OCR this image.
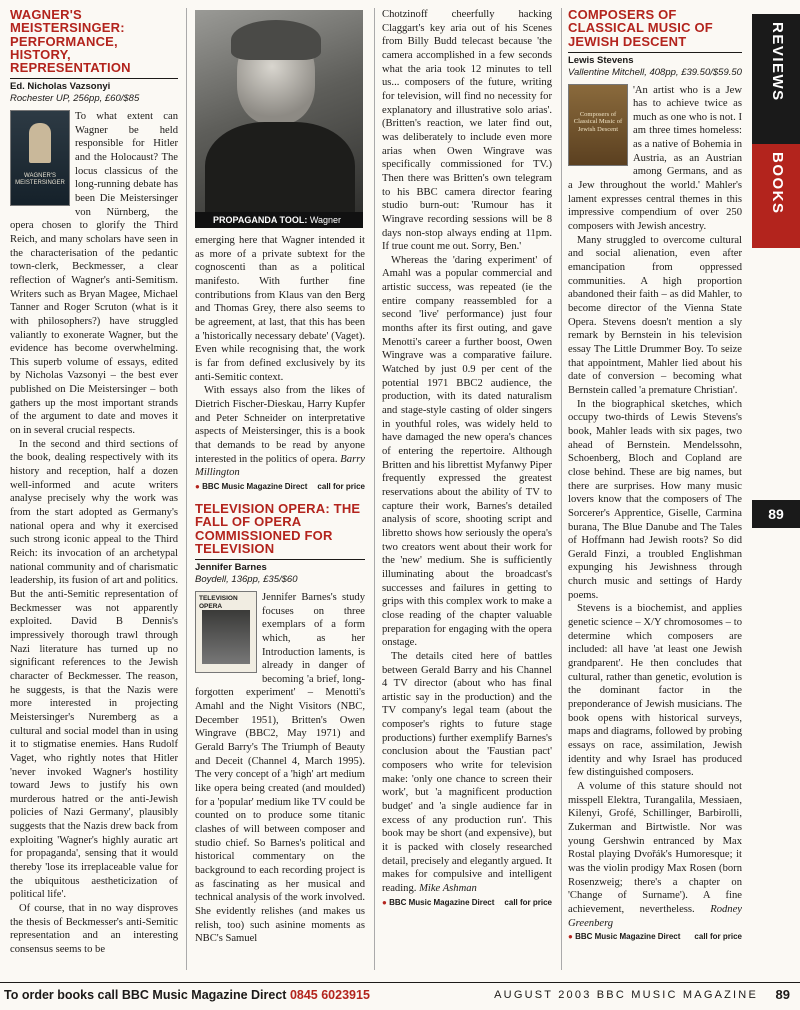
WAGNER'S MEISTERSINGER: PERFORMANCE, HISTORY, REPRESENTATION
Ed. Nicholas Vazsonyi
Rochester UP, 256pp, £60/$85
WAGNER'S MEISTERSINGER

To what extent can Wagner be held responsible for Hitler and the Holocaust? The locus classicus of the long-running debate has been Die Meistersinger von Nürnberg, the opera chosen to glorify the Third Reich, and many scholars have seen in the characterisation of the pedantic town-clerk, Beckmesser, a clear reflection of Wagner's anti-Semitism. Writers such as Bryan Magee, Michael Tanner and Roger Scruton (what is it with philosophers?) have struggled valiantly to exonerate Wagner, but the evidence has become overwhelming. This superb volume of essays, edited by Nicholas Vazsonyi – the best ever published on Die Meistersinger – both gathers up the most important strands of the argument to date and moves it on in several crucial respects.

In the second and third sections of the book, dealing respectively with its history and reception, half a dozen well-informed and acute writers analyse precisely why the work was from the start adopted as Germany's national opera and why it exercised such strong iconic appeal to the Third Reich: its invocation of an archetypal national community and of charismatic leadership, its fusion of art and politics. But the anti-Semitic representation of Beckmesser was not apparently exploited. David B Dennis's impressively thorough trawl through Nazi literature has turned up no significant references to the Jewish character of Beckmesser. The reason, he suggests, is that the Nazis were more interested in projecting Meistersinger's Nuremberg as a cultural and social model than in using it to stigmatise enemies. Hans Rudolf Vaget, who rightly notes that Hitler 'never invoked Wagner's hostility toward Jews to justify his own murderous hatred or the anti-Jewish policies of Nazi Germany', plausibly suggests that the Nazis drew back from exploiting 'Wagner's highly auratic art for propaganda', sensing that it would thereby 'lose its irreplaceable value for the ubiquitous aestheticization of political life'.

Of course, that in no way disproves the thesis of Beckmesser's anti-Semitic representation and an interesting consensus seems to be

PROPAGANDA TOOL: Wagner

emerging here that Wagner intended it as more of a private subtext for the cognoscenti than as a political manifesto. With further fine contributions from Klaus van den Berg and Thomas Grey, there also seems to be agreement, at last, that this has been a 'historically necessary debate' (Vaget). Even while recognising that, the work is far from defined exclusively by its anti-Semitic context.

With essays also from the likes of Dietrich Fischer-Dieskau, Harry Kupfer and Peter Schneider on interpretative aspects of Meistersinger, this is a book that demands to be read by anyone interested in the politics of opera. Barry Millington

● BBC Music Magazine Direct call for price
TELEVISION OPERA: THE FALL OF OPERA COMMISSIONED FOR TELEVISION
Jennifer Barnes
Boydell, 136pp, £35/$60
TELEVISION OPERA

Jennifer Barnes's study focuses on three exemplars of a form which, as her Introduction laments, is already in danger of becoming 'a brief, long-forgotten experiment' – Menotti's Amahl and the Night Visitors (NBC, December 1951), Britten's Owen Wingrave (BBC2, May 1971) and Gerald Barry's The Triumph of Beauty and Deceit (Channel 4, March 1995). The very concept of a 'high' art medium like opera being created (and moulded) for a 'popular' medium like TV could be counted on to produce some titanic clashes of will between composer and studio chief. So Barnes's political and historical commentary on the background to each recording project is as fascinating as her musical and technical analysis of the work involved. She evidently relishes (and makes us relish, too) such asinine moments as NBC's Samuel

Chotzinoff cheerfully hacking Claggart's key aria out of his Scenes from Billy Budd telecast because 'the camera accomplished in a few seconds what the aria took 12 minutes to tell us... composers of the future, writing for television, will find no necessity for explanatory and illustrative solo arias'. (Britten's reaction, we later find out, was deliberately to include even more arias when Owen Wingrave was specifically commissioned for TV.) Then there was Britten's own telegram to his BBC camera director fearing studio burn-out: 'Rumour has it Wingrave recording sessions will be 8 days non-stop always ending at 11pm. If true count me out. Sorry, Ben.'

Whereas the 'daring experiment' of Amahl was a popular commercial and artistic success, was repeated (ie the entire company reassembled for a second 'live' performance) just four months after its first outing, and gave Menotti's career a further boost, Owen Wingrave was a comparative failure. Watched by just 0.9 per cent of the potential 1971 BBC2 audience, the production, with its dated naturalism and stage-style casting of older singers in youthful roles, was widely held to have damaged the new opera's chances of entering the repertoire. Although Britten and his librettist Myfanwy Piper frequently expressed the greatest reservations about the ability of TV to capture their work, Barnes's detailed analysis of score, shooting script and libretto shows how seriously the opera's two creators went about their work for the 'new' medium. She is sufficiently illuminating about the broadcast's successes and failures in getting to grips with this complex work to make a close reading of the chapter valuable preparation for engaging with the opera onstage.

The details cited here of battles between Gerald Barry and his Channel 4 TV director (about who has final artistic say in the production) and the TV company's legal team (about the composer's rights to future stage productions) further exemplify Barnes's conclusion about the 'Faustian pact' composers who write for television make: 'only one chance to screen their work', but 'a magnificent production budget' and 'a single audience far in excess of any production run'. This book may be short (and expensive), but it is packed with closely researched detail, precisely and elegantly argued. It makes for compulsive and intelligent reading. Mike Ashman

● BBC Music Magazine Direct call for price
COMPOSERS OF CLASSICAL MUSIC OF JEWISH DESCENT
Lewis Stevens
Vallentine Mitchell, 408pp, £39.50/$59.50
Composers of Classical Music of Jewish Descent

'An artist who is a Jew has to achieve twice as much as one who is not. I am three times homeless: as a native of Bohemia in Austria, as an Austrian among Germans, and as a Jew throughout the world.' Mahler's lament expresses central themes in this impressive compendium of over 250 composers with Jewish ancestry.

Many struggled to overcome cultural and social alienation, even after emancipation from oppressed communities. A high proportion abandoned their faith – as did Mahler, to become director of the Vienna State Opera. Stevens doesn't mention a sly remark by Bernstein in his television essay The Little Drummer Boy. To seize that appointment, Mahler lied about his date of conversion – becoming what Bernstein called 'a premature Christian'.

In the biographical sketches, which occupy two-thirds of Lewis Stevens's book, Mahler leads with six pages, two ahead of Bernstein. Mendelssohn, Schoenberg, Bloch and Copland are close behind. These are big names, but there are surprises. How many music lovers know that the composers of The Sorcerer's Apprentice, Giselle, Carmina burana, The Blue Danube and The Tales of Hoffmann had Jewish roots? So did Gerald Finzi, a troubled Englishman expunging his Jewishness through church music and settings of Hardy poems.

Stevens is a biochemist, and applies genetic science – X/Y chromosomes – to determine which composers are included: all have 'at least one Jewish grandparent'. He then concludes that cultural, rather than genetic, evolution is the dominant factor in the preponderance of Jewish musicians. The book opens with historical surveys, maps and diagrams, followed by probing essays on race, assimilation, Jewish identity and why Israel has produced few distinguished composers.

A volume of this stature should not misspell Elektra, Turangalila, Messiaen, Kilenyi, Grofé, Schillinger, Barbirolli, Zukerman and Birtwistle. Nor was young Gershwin entranced by Max Rostal playing Dvořák's Humoresque; it was the violin prodigy Max Rosen (born Rosenzweig; there's a chapter on 'Change of Surname'). A fine achievement, nevertheless. Rodney Greenberg

● BBC Music Magazine Direct call for price
REVIEWS
BOOKS
89
To order books call BBC Music Magazine Direct 0845 6023915	AUGUST 2003 BBC MUSIC MAGAZINE 89
